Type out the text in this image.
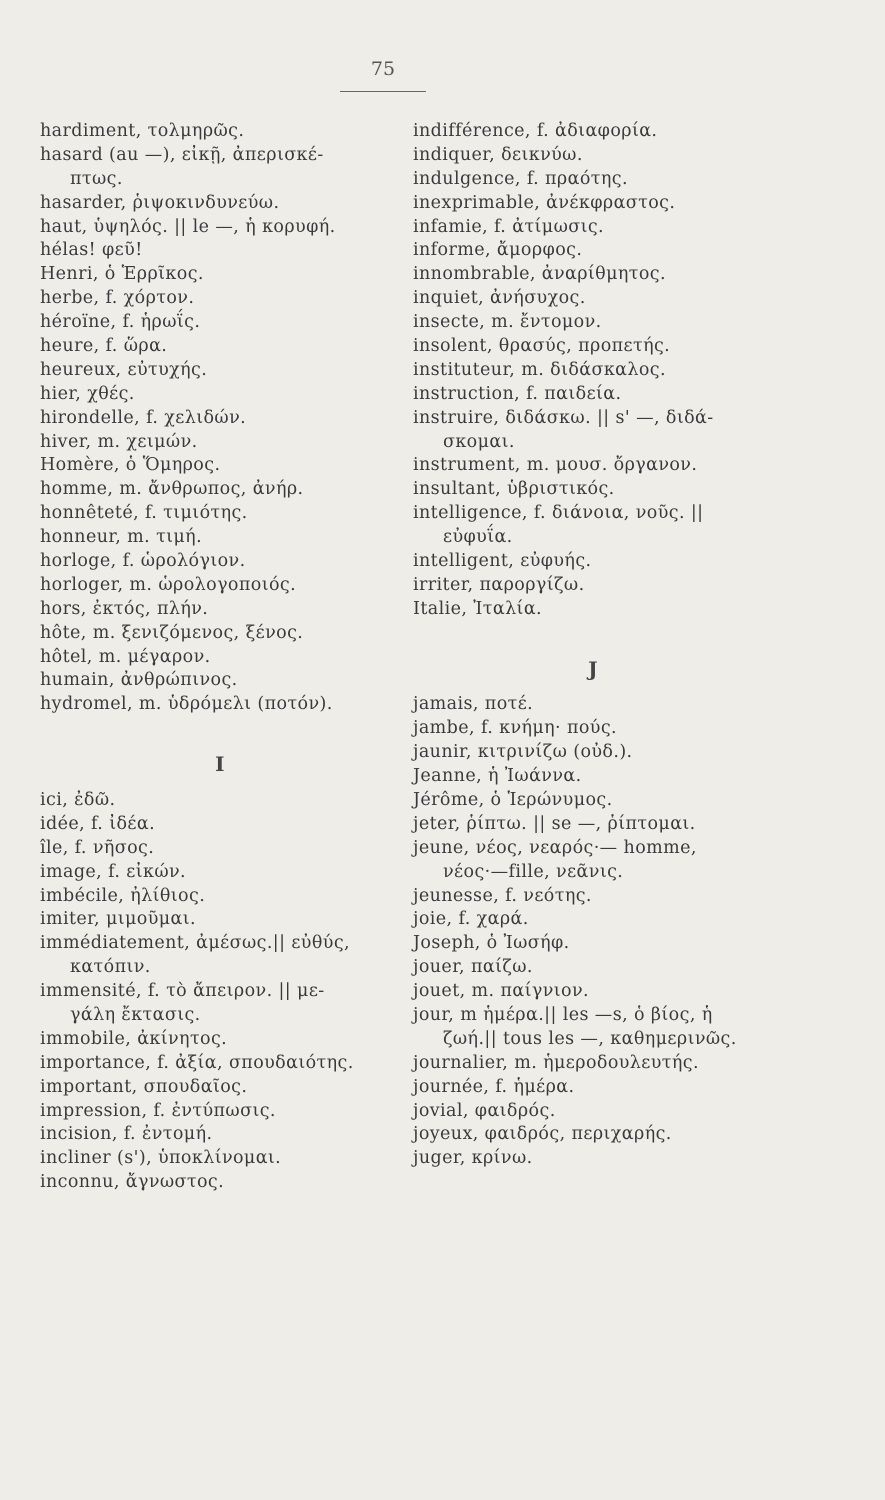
75
hardiment, τολμηρῶς.
hasard (au —), εἰκῇ, ἀπερισκέ-
πτως.
hasarder, ῥιψοκινδυνεύω.
haut, ὑψηλός. || le —, ἡ κορυφή.
hélas! φεῦ!
Henri, ὁ Ἑρρῖκος.
herbe, f. χόρτον.
héroïne, f. ἡρωΐς.
heure, f. ὥρα.
heureux, εὐτυχής.
hier, χθές.
hirondelle, f. χελιδών.
hiver, m. χειμών.
Homère, ὁ Ὅμηρος.
homme, m. ἄνθρωπος, ἀνήρ.
honnêteté, f. τιμιότης.
honneur, m. τιμή.
horloge, f. ὡρολόγιον.
horloger, m. ὡρολογοποιός.
hors, ἐκτός, πλήν.
hôte, m. ξενιζόμενος, ξένος.
hôtel, m. μέγαρον.
humain, ἀνθρώπινος.
hydromel, m. ὑδρόμελι (ποτόν).
I
ici, ἐδῶ.
idée, f. ἰδέα.
île, f. νῆσος.
image, f. εἰκών.
imbécile, ἠλίθιος.
imiter, μιμοῦμαι.
immédiatement, ἀμέσως.|| εὐθύς,
κατόπιν.
immensité, f. τὸ ἄπειρον. || με-
γάλη ἔκτασις.
immobile, ἀκίνητος.
importance, f. ἀξία, σπουδαιότης.
important, σπουδαῖος.
impression, f. ἐντύπωσις.
incision, f. ἐντομή.
incliner (s'), ὑποκλίνομαι.
inconnu, ἄγνωστος.
indifférence, f. ἀδιαφορία.
indiquer, δεικνύω.
indulgence, f. πραότης.
inexprimable, ἀνέκφραστος.
infamie, f. ἀτίμωσις.
informe, ἄμορφος.
innombrable, ἀναρίθμητος.
inquiet, ἀνήσυχος.
insecte, m. ἔντομον.
insolent, θρασύς, προπετής.
instituteur, m. διδάσκαλος.
instruction, f. παιδεία.
instruire, διδάσκω. || s' —, διδά-
σκομαι.
instrument, m. μουσ. ὄργανον.
insultant, ὑβριστικός.
intelligence, f. διάνοια, νοῦς. ||
εὐφυΐα.
intelligent, εὐφυής.
irriter, παροργίζω.
Italie, Ἰταλία.
J
jamais, ποτέ.
jambe, f. κνήμη· πούς.
jaunir, κιτρινίζω (οὐδ.).
Jeanne, ἡ Ἰωάννα.
Jérôme, ὁ Ἱερώνυμος.
jeter, ῥίπτω. || se —, ῥίπτομαι.
jeune, νέος, νεαρός·— homme,
νέος·—fille, νεᾶνις.
jeunesse, f. νεότης.
joie, f. χαρά.
Joseph, ὁ Ἰωσήφ.
jouer, παίζω.
jouet, m. παίγνιον.
jour, m ἡμέρα.|| les —s, ὁ βίος, ἡ
ζωή.|| tous les —, καθημερινῶς.
journalier, m. ἡμεροδουλευτής.
journée, f. ἡμέρα.
jovial, φαιδρός.
joyeux, φαιδρός, περιχαρής.
juger, κρίνω.
